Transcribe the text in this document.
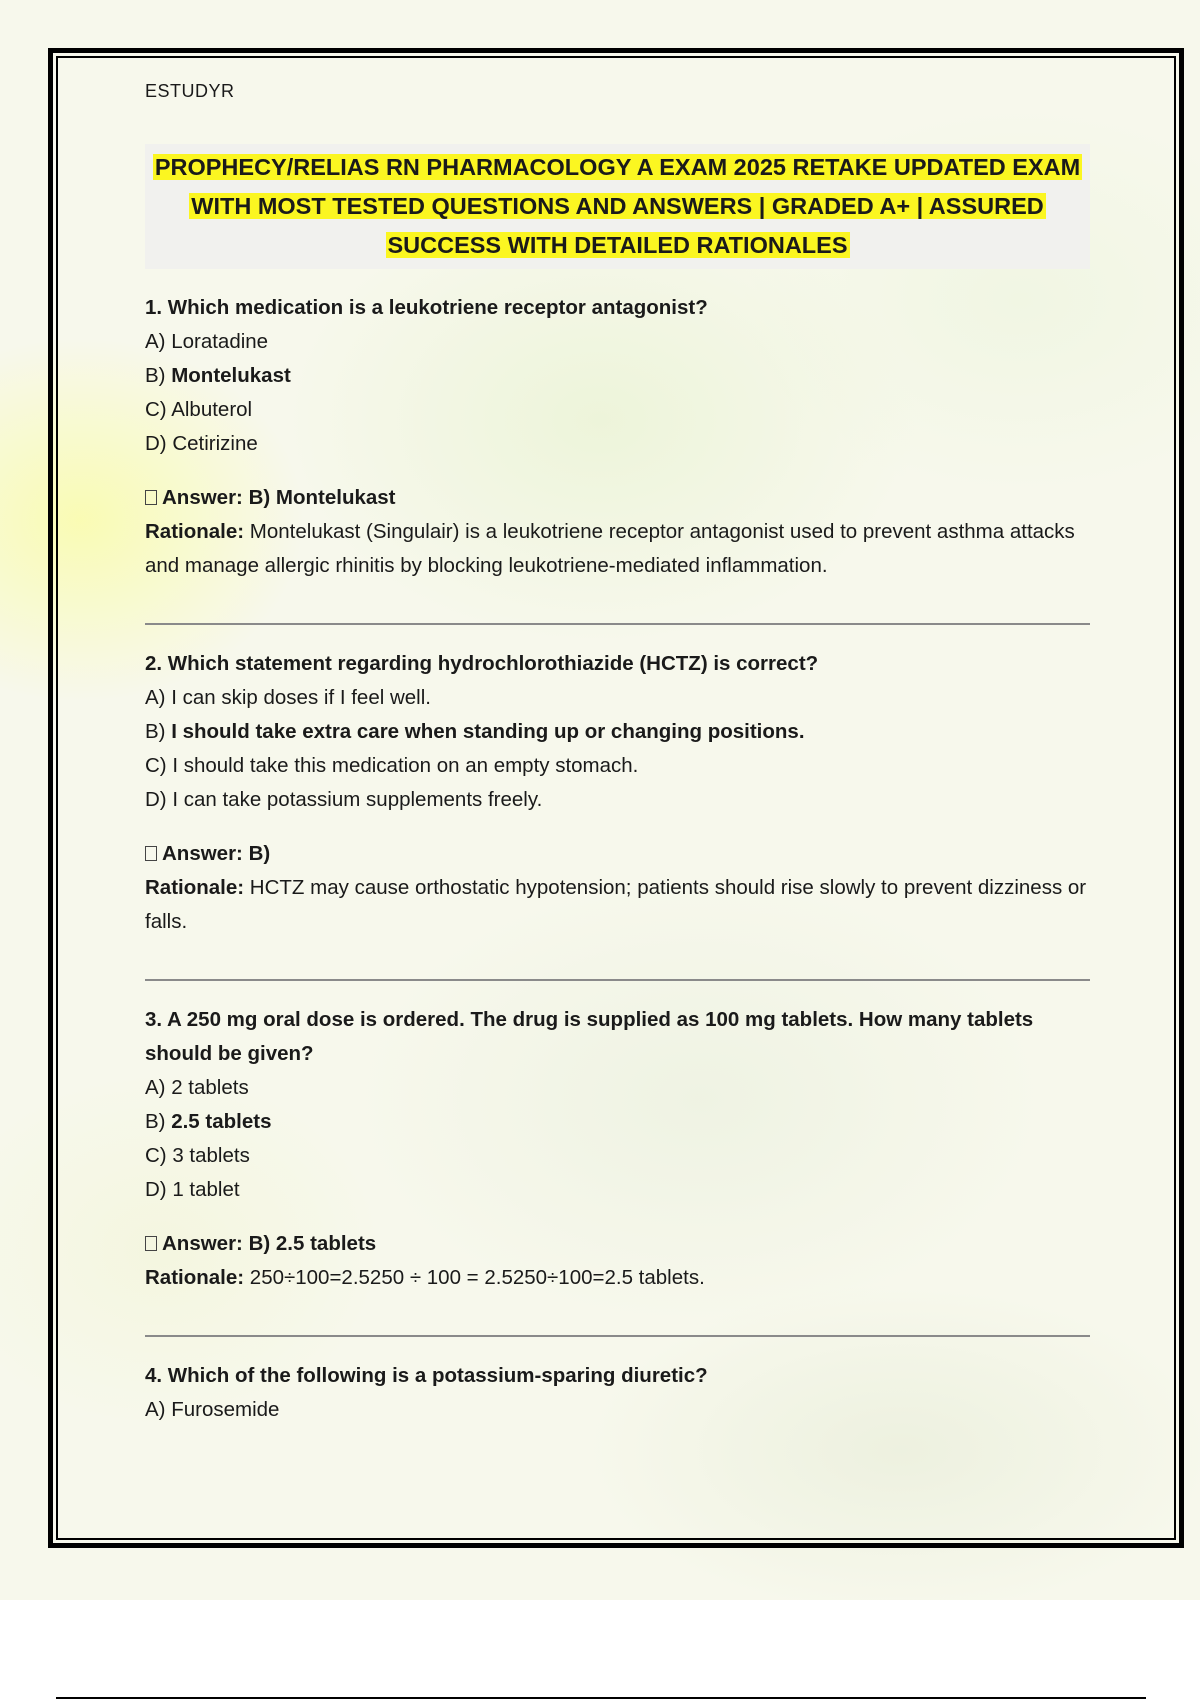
ESTUDYR
PROPHECY/RELIAS RN PHARMACOLOGY A EXAM 2025 RETAKE UPDATED EXAM
WITH MOST TESTED QUESTIONS AND ANSWERS | GRADED A+ | ASSURED
SUCCESS WITH DETAILED RATIONALES
1. Which medication is a leukotriene receptor antagonist?
A) Loratadine
B) Montelukast
C) Albuterol
D) Cetirizine
Answer: B) Montelukast
Rationale: Montelukast (Singulair) is a leukotriene receptor antagonist used to prevent asthma attacks and manage allergic rhinitis by blocking leukotriene-mediated inflammation.
2. Which statement regarding hydrochlorothiazide (HCTZ) is correct?
A) I can skip doses if I feel well.
B) I should take extra care when standing up or changing positions.
C) I should take this medication on an empty stomach.
D) I can take potassium supplements freely.
Answer: B)
Rationale: HCTZ may cause orthostatic hypotension; patients should rise slowly to prevent dizziness or falls.
3. A 250 mg oral dose is ordered. The drug is supplied as 100 mg tablets. How many tablets should be given?
A) 2 tablets
B) 2.5 tablets
C) 3 tablets
D) 1 tablet
Answer: B) 2.5 tablets
Rationale: 250÷100=2.5250 ÷ 100 = 2.5250÷100=2.5 tablets.
4. Which of the following is a potassium-sparing diuretic?
A) Furosemide
